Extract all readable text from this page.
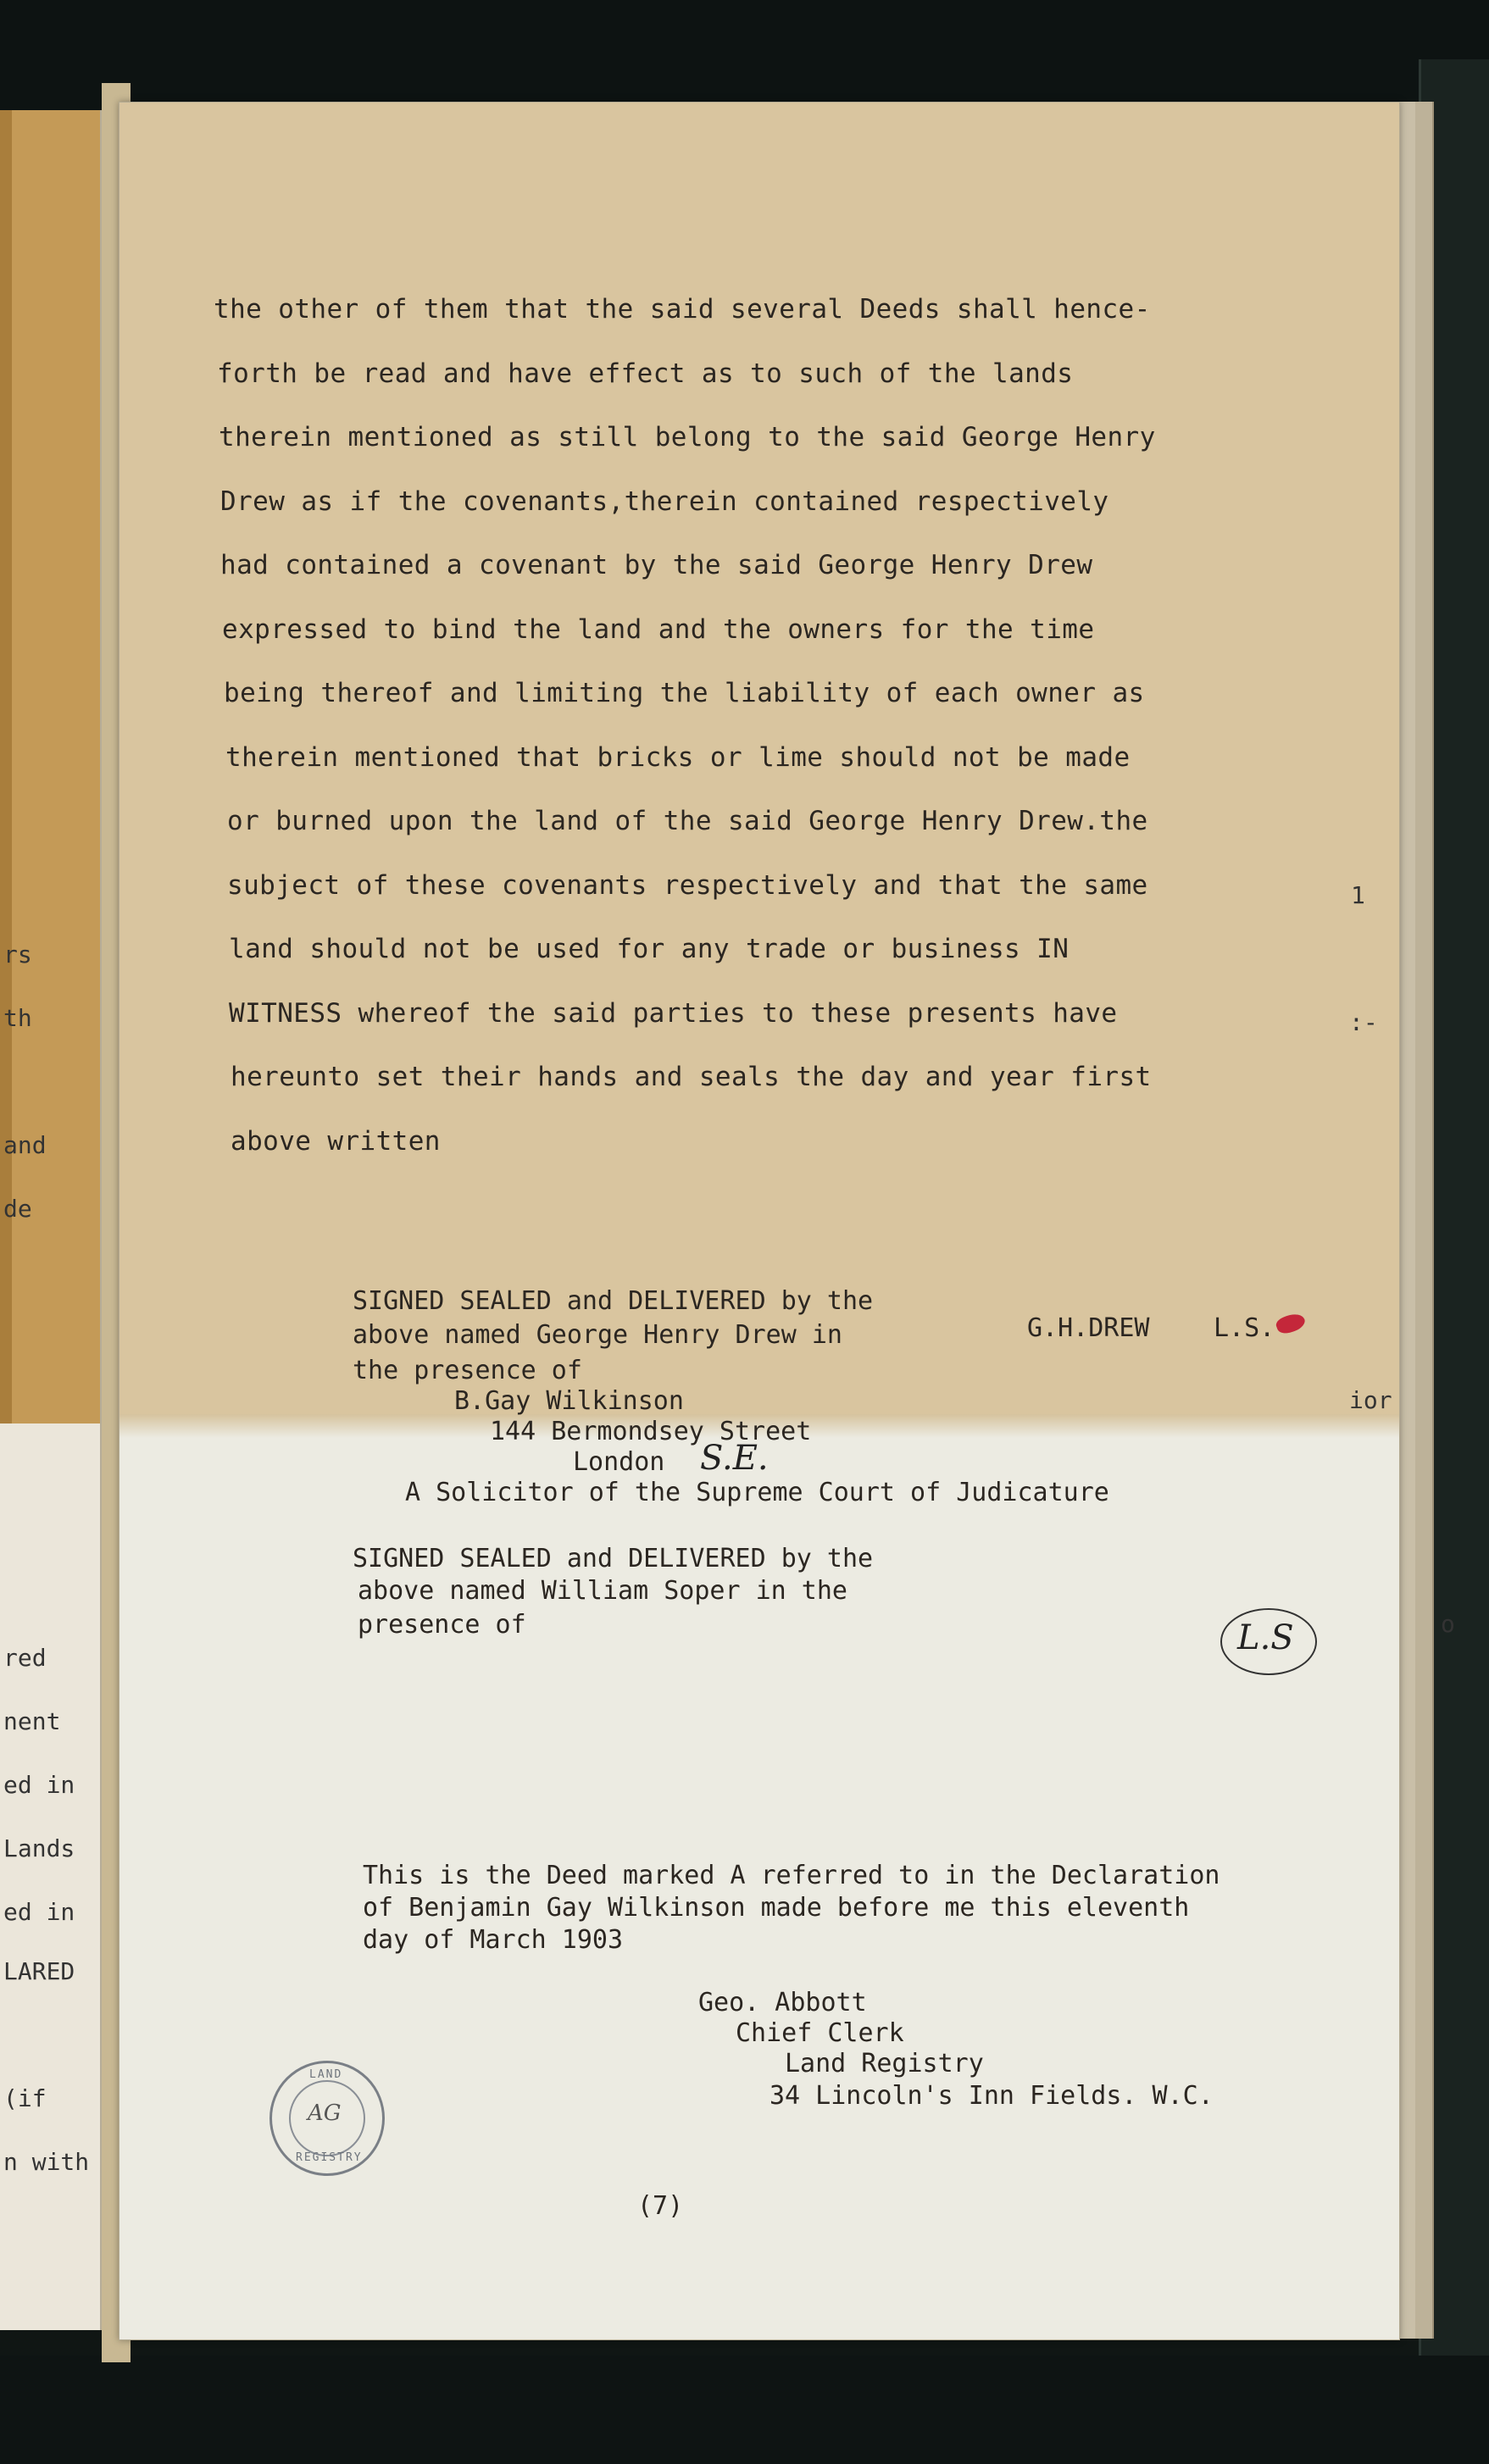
rs
th
and
de
red
nent
ed in
Lands
ed in
LARED
(if
n with
the other of them that the said several Deeds shall hence-
forth be read and have effect as to such of the lands
therein mentioned as still belong to the said George Henry
Drew as if the covenants,therein contained respectively
had contained a covenant by the said George Henry Drew
expressed to bind the land and the owners for the time
being thereof and limiting the liability of each owner as
therein mentioned that bricks or lime should not be made
or burned upon the land of the said George Henry Drew.the
subject of these covenants respectively and that the same
land should not be used for any trade or business IN
WITNESS whereof the said parties to these presents have
hereunto set their hands and seals the day and year first
above written
SIGNED SEALED and DELIVERED by the
above named George Henry Drew in
the presence of
G.H.DREW	L.S.
B.Gay Wilkinson
144 Bermondsey Street
London S.E.
A Solicitor of the Supreme Court of Judicature
SIGNED SEALED and DELIVERED by the
above named William Soper in the
presence of	L.S
This is the Deed marked A referred to in the Declaration
of Benjamin Gay Wilkinson made before me this eleventh
day of March 1903
Geo. Abbott
Chief Clerk
Land Registry
34 Lincoln's Inn Fields. W.C.
LAND
REGISTRY
AG
(7)
:-
ior
o
1
